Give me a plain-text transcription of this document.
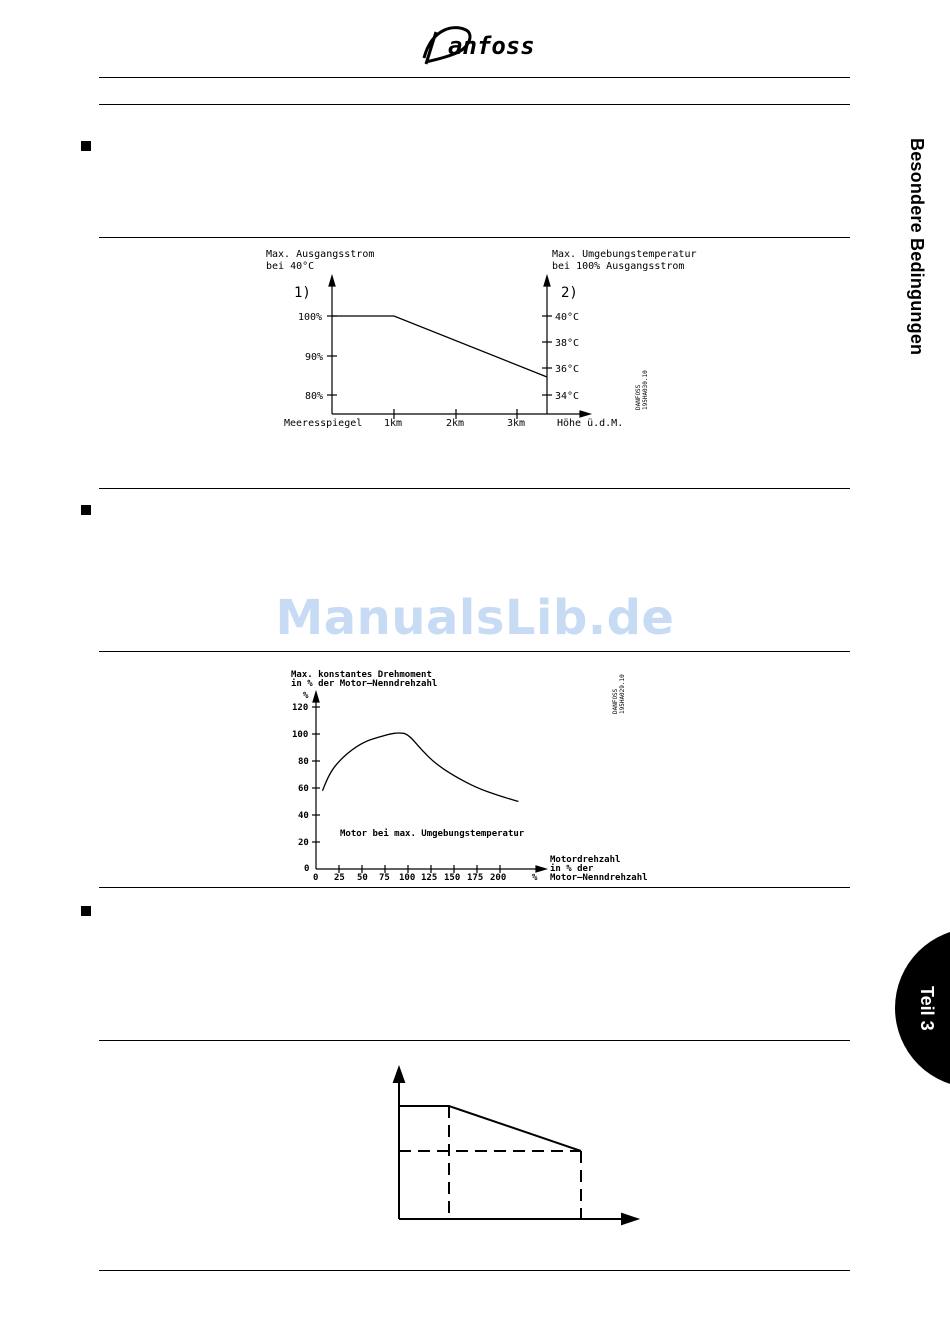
anfoss
Besondere Bedingungen
Teil 3
ManualsLib.de
Max. Ausgangsstrom
bei 40°C
Max. Umgebungstemperatur
bei 100% Ausgangsstrom
1)	2)
100%
90%
80%
40°C
38°C
36°C
34°C
Meeresspiegel 1km	2km	3km	Höhe ü.d.M.
DANFOSS 195HA030.10
Max. konstantes Drehmoment
in % der Motor–Nenndrehzahl
%
120
100
80
60
40
20
0
0 25 50 75 100 125 150 175 200	%
Motordrehzahl
in % der
Motor–Nenndrehzahl
Motor bei max. Umgebungstemperatur
DANFOSS 195HA029.10
